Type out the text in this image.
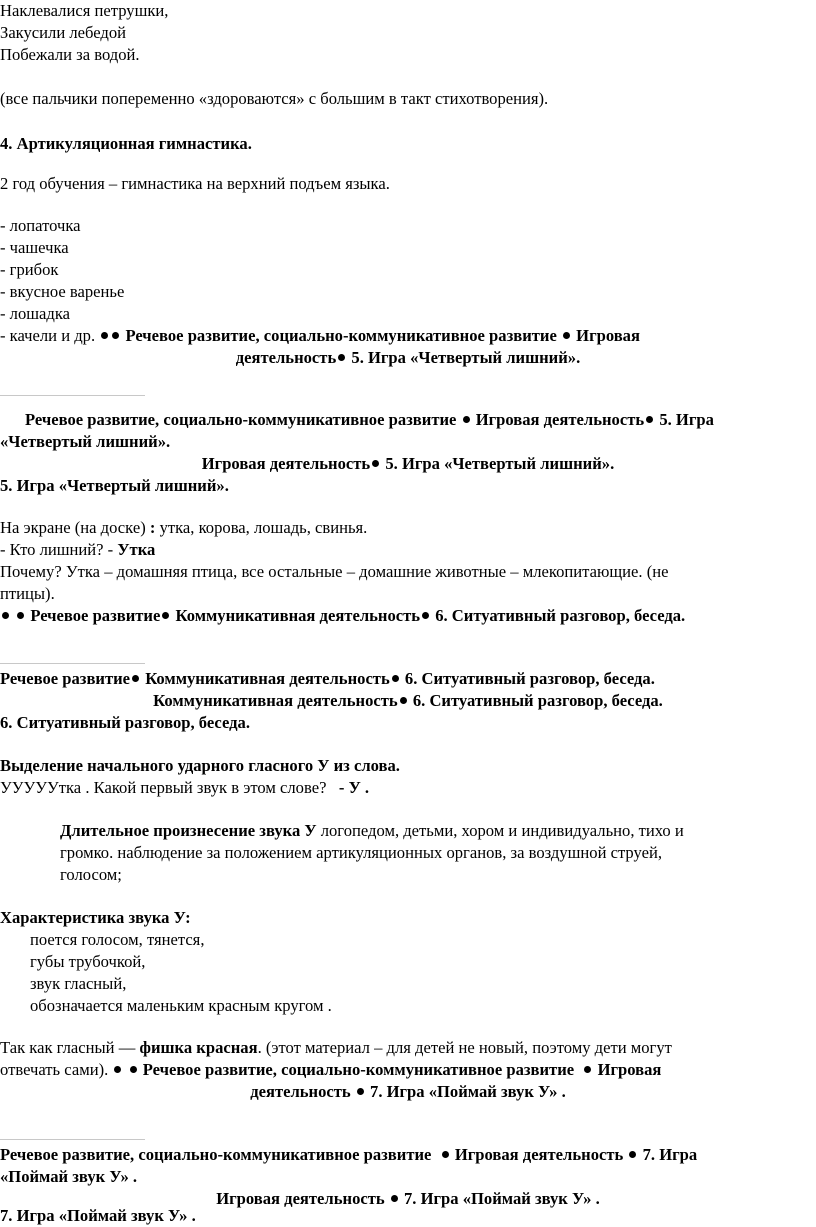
Наклевалися петрушки,
Закусили лебедой
Побежали за водой.
(все пальчики попеременно «здороваются» с большим в такт стихотворения).
4. Артикуляционная гимнастика.
2 год обучения – гимнастика на верхний подъем языка.
- лопаточка
- чашечка
- грибок
- вкусное варенье
- лошадка
- качели и др. Речевое развитие, социально-коммуникативное развитие Игровая
деятельность 5. Игра «Четвертый лишний».
Речевое развитие, социально-коммуникативное развитие Игровая деятельность 5. Игра
«Четвертый лишний».
Игровая деятельность 5. Игра «Четвертый лишний».
5. Игра «Четвертый лишний».
На экране (на доске) : утка, корова, лошадь, свинья.
- Кто лишний? - Утка
Почему? Утка – домашняя птица, все остальные – домашние животные – млекопитающие. (не
птицы).
Речевое развитие Коммуникативная деятельность 6. Ситуативный разговор, беседа.
Речевое развитие Коммуникативная деятельность 6. Ситуативный разговор, беседа.
Коммуникативная деятельность 6. Ситуативный разговор, беседа.
6. Ситуативный разговор, беседа.
Выделение начального ударного гласного У из слова.
УУУУУтка . Какой первый звук в этом слове? - У .
Длительное произнесение звука У логопедом, детьми, хором и индивидуально, тихо и
громко. наблюдение за положением артикуляционных органов, за воздушной струей,
голосом;
Характеристика звука У:
поется голосом, тянется,
губы трубочкой,
звук гласный,
обозначается маленьким красным кругом .
Так как гласный — фишка красная. (этот материал – для детей не новый, поэтому дети могут
отвечать сами). Речевое развитие, социально-коммуникативное развитие Игровая
деятельность 7. Игра «Поймай звук У» .
Речевое развитие, социально-коммуникативное развитие Игровая деятельность 7. Игра
«Поймай звук У» .
Игровая деятельность 7. Игра «Поймай звук У» .
7. Игра «Поймай звук У» .
